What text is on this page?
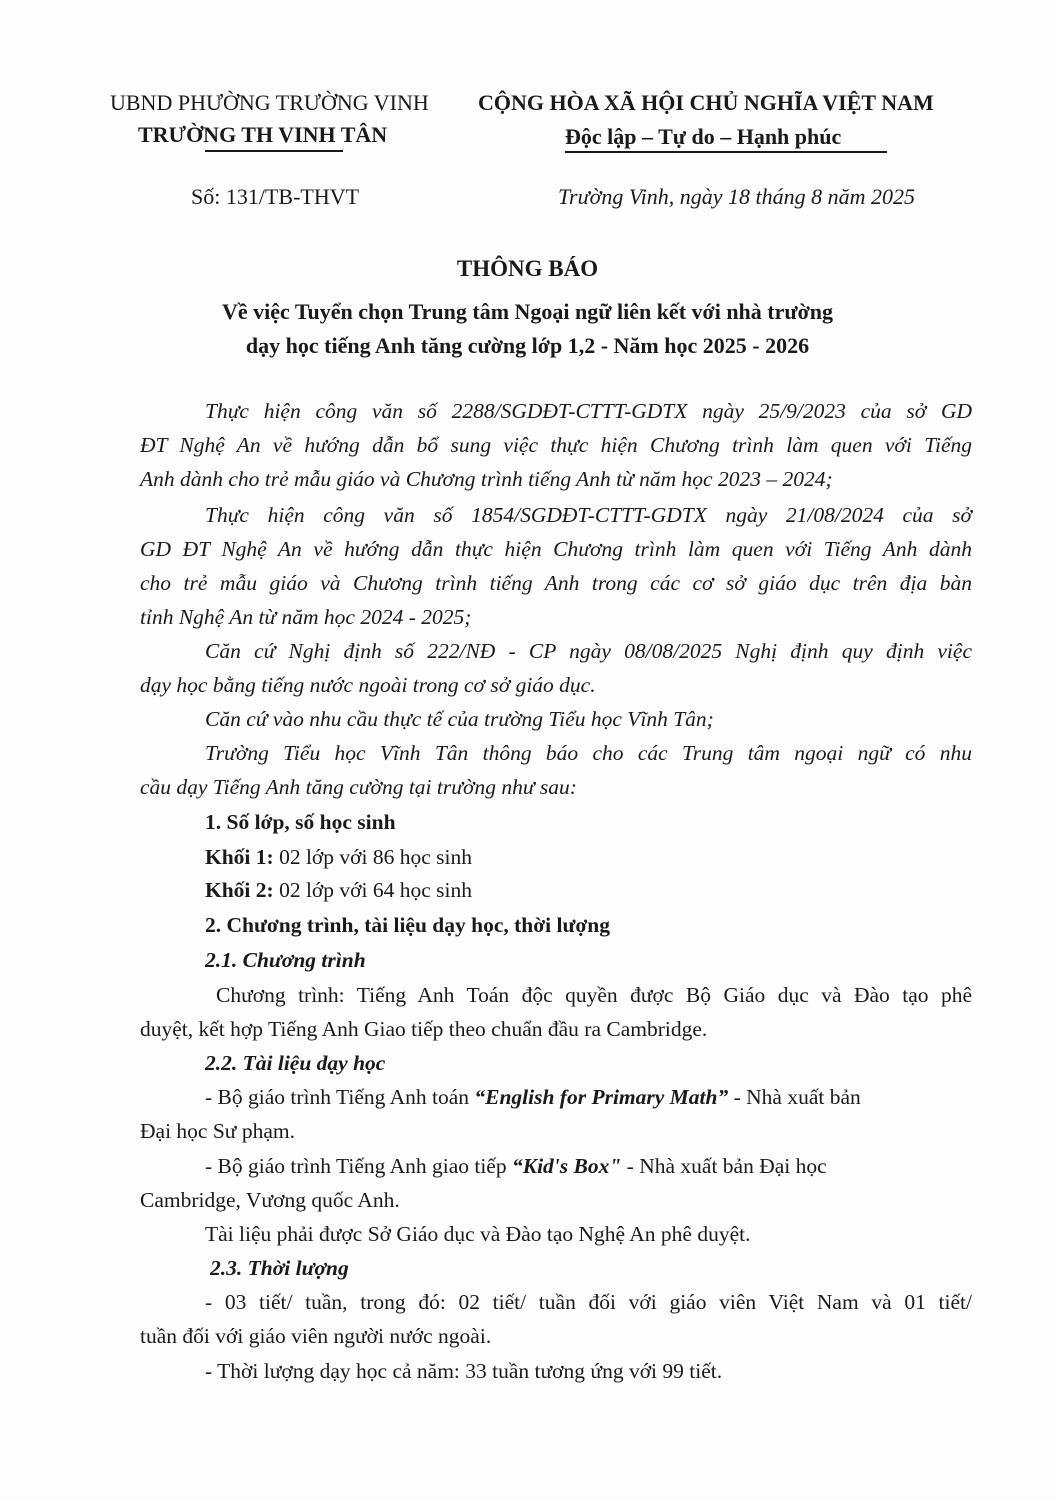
UBND PHƯỜNG TRƯỜNG VINH
TRƯỜNG TH VINH TÂN
CỘNG HÒA XÃ HỘI CHỦ NGHĨA VIỆT NAM
Độc lập – Tự do – Hạnh phúc
Số: 131/TB-THVT	Trường Vinh, ngày 18 tháng 8 năm 2025
THÔNG BÁO
Về việc Tuyển chọn Trung tâm Ngoại ngữ liên kết với nhà trường
dạy học tiếng Anh tăng cường lớp 1,2 - Năm học 2025 - 2026
Thực hiện công văn số 2288/SGDĐT-CTTT-GDTX ngày 25/9/2023 của sở GD
ĐT Nghệ An về hướng dẫn bổ sung việc thực hiện Chương trình làm quen với Tiếng
Anh dành cho trẻ mẫu giáo và Chương trình tiếng Anh từ năm học 2023 – 2024;
Thực hiện công văn số 1854/SGDĐT-CTTT-GDTX ngày 21/08/2024 của sở
GD ĐT Nghệ An về hướng dẫn thực hiện Chương trình làm quen với Tiếng Anh dành
cho trẻ mẫu giáo và Chương trình tiếng Anh trong các cơ sở giáo dục trên địa bàn
tỉnh Nghệ An từ năm học 2024 - 2025;
Căn cứ Nghị định số 222/NĐ - CP ngày 08/08/2025 Nghị định quy định việc
dạy học bằng tiếng nước ngoài trong cơ sở giáo dục.
Căn cứ vào nhu cầu thực tế của trường Tiểu học Vĩnh Tân;
Trường Tiểu học Vĩnh Tân thông báo cho các Trung tâm ngoại ngữ có nhu
cầu dạy Tiếng Anh tăng cường tại trường như sau:
1. Số lớp, số học sinh
Khối 1: 02 lớp với 86 học sinh
Khối 2: 02 lớp với 64 học sinh
2. Chương trình, tài liệu dạy học, thời lượng
2.1. Chương trình
Chương trình: Tiếng Anh Toán độc quyền được Bộ Giáo dục và Đào tạo phê
duyệt, kết hợp Tiếng Anh Giao tiếp theo chuẩn đầu ra Cambridge.
2.2. Tài liệu dạy học
- Bộ giáo trình Tiếng Anh toán “English for Primary Math” - Nhà xuất bản
Đại học Sư phạm.
- Bộ giáo trình Tiếng Anh giao tiếp “Kid's Box" - Nhà xuất bản Đại học
Cambridge, Vương quốc Anh.
Tài liệu phải được Sở Giáo dục và Đào tạo Nghệ An phê duyệt.
2.3. Thời lượng
- 03 tiết/ tuần, trong đó: 02 tiết/ tuần đối với giáo viên Việt Nam và 01 tiết/
tuần đối với giáo viên người nước ngoài.
- Thời lượng dạy học cả năm: 33 tuần tương ứng với 99 tiết.
